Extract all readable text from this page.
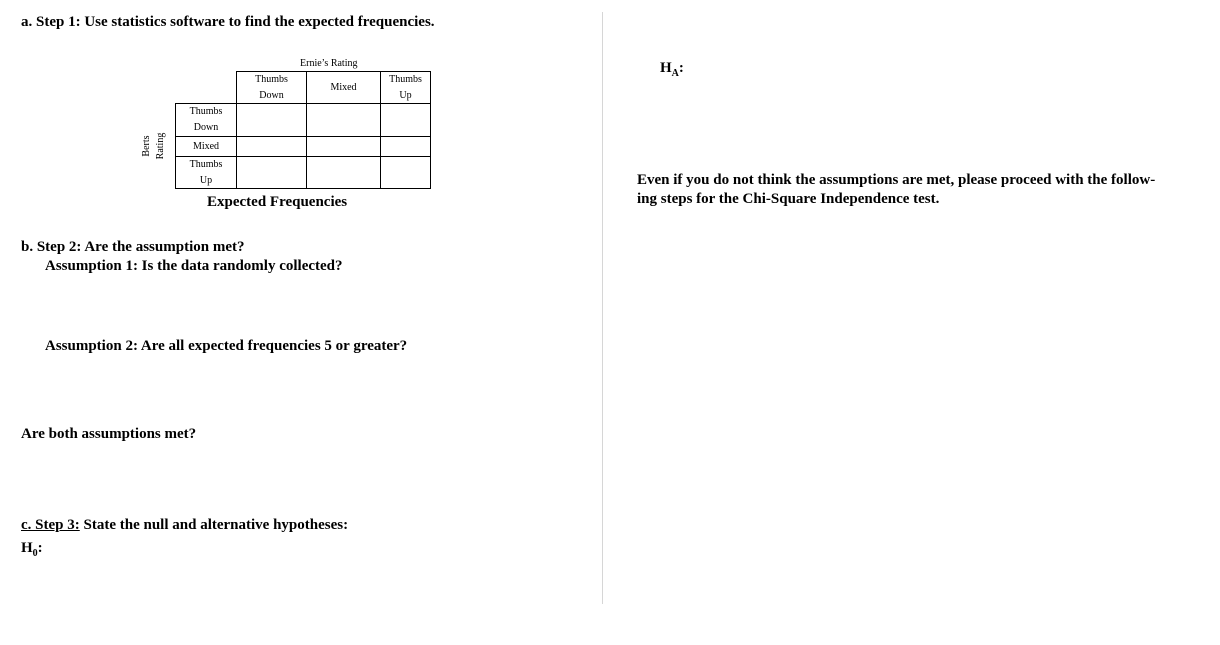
a. Step 1: Use statistics software to find the expected frequencies.
Ernie’s Rating
Thumbs
Down
Mixed
Thumbs
Up
Thumbs
Down
Mixed
Thumbs
Up
Berts Rating
Expected Frequencies
b. Step 2: Are the assumption met?
Assumption 1: Is the data randomly collected?
Assumption 2: Are all expected frequencies 5 or greater?
Are both assumptions met?
c. Step 3: State the null and alternative hypotheses:
$H_0$:
$H_A$:
Even if you do not think the assumptions are met, please proceed with the follow-
ing steps for the Chi-Square Independence test.
